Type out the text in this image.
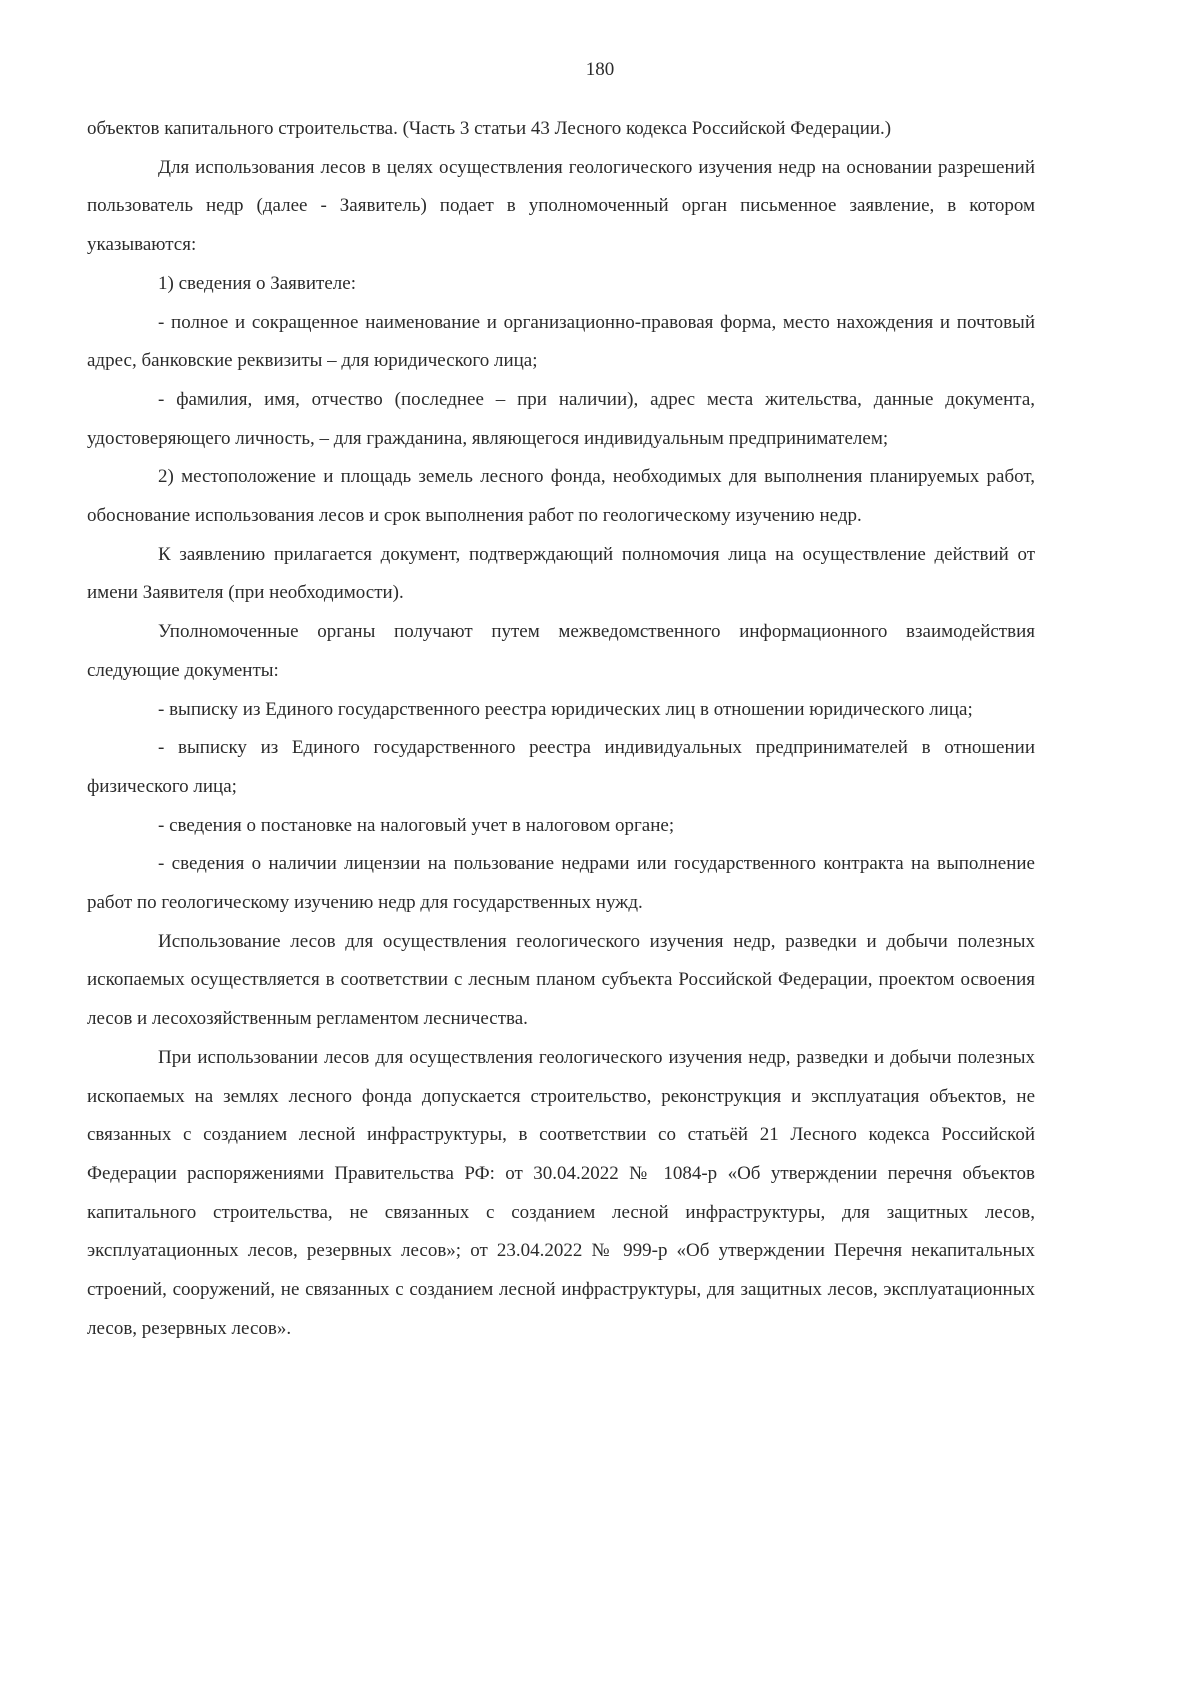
180

объектов капитального строительства. (Часть 3 статьи 43 Лесного кодекса Российской Федерации.)

Для использования лесов в целях осуществления геологического изучения недр на основании разрешений пользователь недр (далее - Заявитель) подает в уполномоченный орган письменное заявление, в котором указываются:

1) сведения о Заявителе:

- полное и сокращенное наименование и организационно-правовая форма, место нахождения и почтовый адрес, банковские реквизиты – для юридического лица;

- фамилия, имя, отчество (последнее – при наличии), адрес места жительства, данные документа, удостоверяющего личность, – для гражданина, являющегося индивидуальным предпринимателем;

2) местоположение и площадь земель лесного фонда, необходимых для выполнения планируемых работ, обоснование использования лесов и срок выполнения работ по геологическому изучению недр.

К заявлению прилагается документ, подтверждающий полномочия лица на осуществление действий от имени Заявителя (при необходимости).

Уполномоченные органы получают путем межведомственного информационного взаимодействия следующие документы:

- выписку из Единого государственного реестра юридических лиц в отношении юридического лица;

- выписку из Единого государственного реестра индивидуальных предпринимателей в отношении физического лица;

- сведения о постановке на налоговый учет в налоговом органе;

- сведения о наличии лицензии на пользование недрами или государственного контракта на выполнение работ по геологическому изучению недр для государственных нужд.

Использование лесов для осуществления геологического изучения недр, разведки и добычи полезных ископаемых осуществляется в соответствии с лесным планом субъекта Российской Федерации, проектом освоения лесов и лесохозяйственным регламентом лесничества.

При использовании лесов для осуществления геологического изучения недр, разведки и добычи полезных ископаемых на землях лесного фонда допускается строительство, реконструкция и эксплуатация объектов, не связанных с созданием лесной инфраструктуры, в соответствии со статьёй 21 Лесного кодекса Российской Федерации распоряжениями Правительства РФ: от 30.04.2022 № 1084-р «Об утверждении перечня объектов капитального строительства, не связанных с созданием лесной инфраструктуры, для защитных лесов, эксплуатационных лесов, резервных лесов»; от 23.04.2022 № 999-р «Об утверждении Перечня некапитальных строений, сооружений, не связанных с созданием лесной инфраструктуры, для защитных лесов, эксплуатационных лесов, резервных лесов».
